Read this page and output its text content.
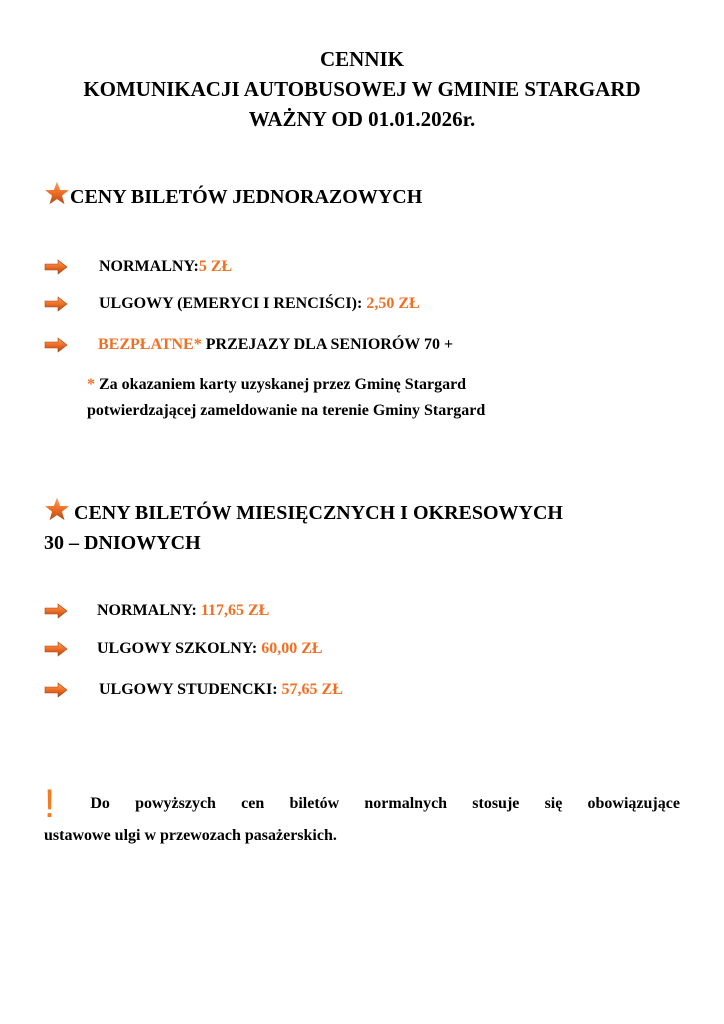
CENNIK
KOMUNIKACJI AUTOBUSOWEJ W GMINIE STARGARD
WAŻNY OD 01.01.2026r.
CENY BILETÓW JEDNORAZOWYCH
NORMALNY: 5 ZŁ
ULGOWY (EMERYCI I RENCIŚCI): 2,50 ZŁ
BEZPŁATNE* PRZEJAZY DLA SENIORÓW 70 +
* Za okazaniem karty uzyskanej przez Gminę Stargard
potwierdzającej zameldowanie na terenie Gminy Stargard
CENY BILETÓW MIESIĘCZNYCH I OKRESOWYCH
30 – DNIOWYCH
NORMALNY: 117,65 ZŁ
ULGOWY SZKOLNY: 60,00 ZŁ
ULGOWY STUDENCKI: 57,65 ZŁ
! Do powyższych cen biletów normalnych stosuje się obowiązujące
ustawowe ulgi w przewozach pasażerskich.
